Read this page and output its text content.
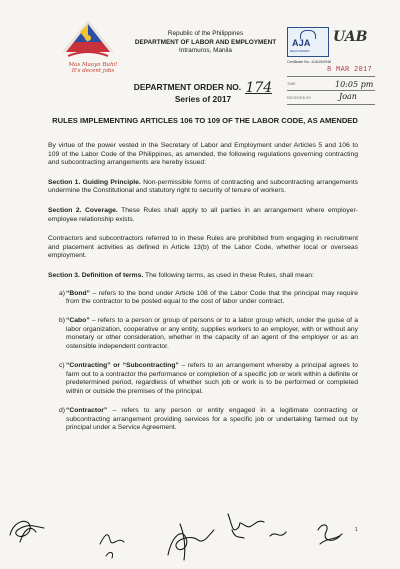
Mas Maayo Buhi!
It's decent jobs
Republic of the Philippines
DEPARTMENT OF LABOR AND EMPLOYMENT
Intramuros, Manila
AJA
REGISTERED
UAB
Certificate No.: AJA15/0946
8 MAR 2017
TIME	10:05 pm
RECEIVED BY	Joan
DEPARTMENT ORDER NO. 174
Series of 2017
RULES IMPLEMENTING ARTICLES 106 TO 109 OF THE LABOR CODE, AS AMENDED

By virtue of the power vested in the Secretary of Labor and Employment under Articles 5 and 106 to 109 of the Labor Code of the Philippines, as amended, the following regulations governing contracting and subcontracting arrangements are hereby issued:

Section 1. Guiding Principle. Non-permissible forms of contracting and subcontracting arrangements undermine the Constitutional and statutory right to security of tenure of workers.

Section 2. Coverage. These Rules shall apply to all parties in an arrangement where employer-employee relationship exists.

Contractors and subcontractors referred to in these Rules are prohibited from engaging in recruitment and placement activities as defined in Article 13(b) of the Labor Code, whether local or overseas employment.

Section 3. Definition of terms. The following terms, as used in these Rules, shall mean:

a) “Bond” – refers to the bond under Article 108 of the Labor Code that the principal may require from the contractor to be posted equal to the cost of labor under contract.
b) “Cabo” – refers to a person or group of persons or to a labor group which, under the guise of a labor organization, cooperative or any entity, supplies workers to an employer, with or without any monetary or other consideration, whether in the capacity of an agent of the employer or as an ostensible independent contractor.
c) “Contracting” or “Subcontracting” – refers to an arrangement whereby a principal agrees to farm out to a contractor the performance or completion of a specific job or work within a definite or predetermined period, regardless of whether such job or work is to be performed or completed within or outside the premises of the principal.
d) “Contractor” – refers to any person or entity engaged in a legitimate contracting or subcontracting arrangement providing services for a specific job or undertaking farmed out by principal under a Service Agreement.
1
